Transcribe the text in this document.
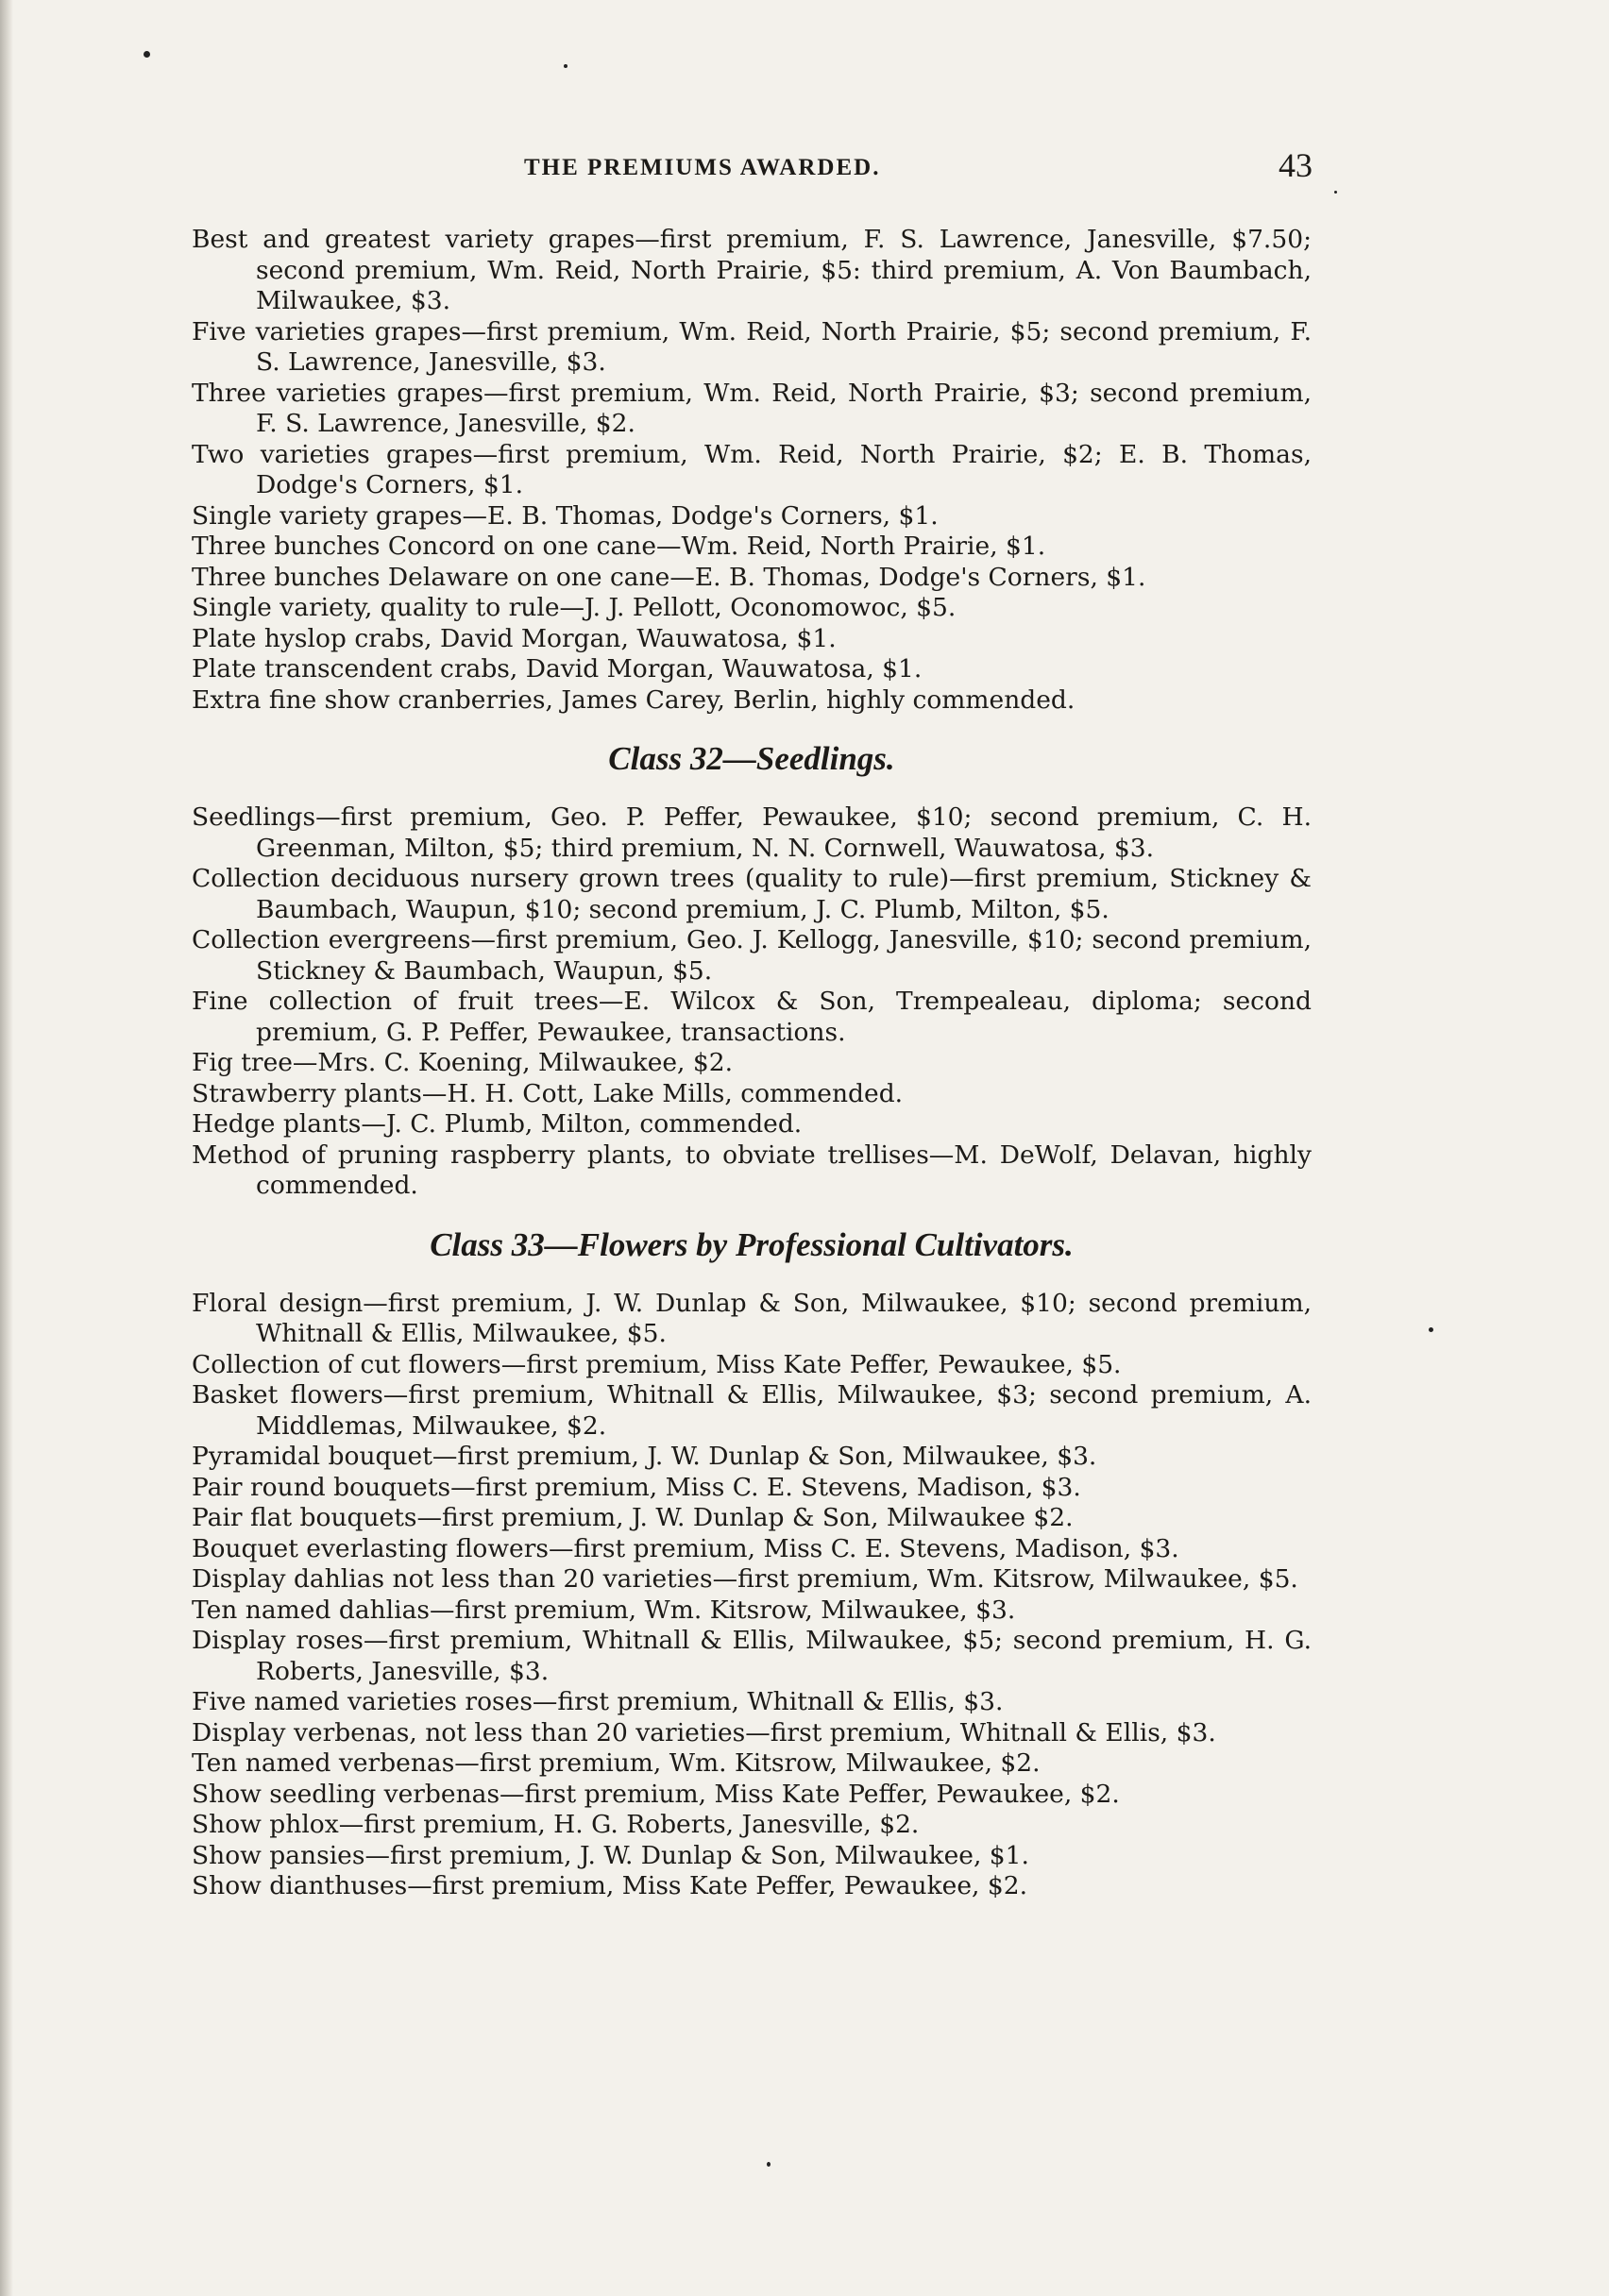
THE PREMIUMS AWARDED.	43

Best and greatest variety grapes—first premium, F. S. Lawrence, Janesville, $7.50; second premium, Wm. Reid, North Prairie, $5: third premium, A. Von Baumbach, Milwaukee, $3.

Five varieties grapes—first premium, Wm. Reid, North Prairie, $5; second premium, F. S. Lawrence, Janesville, $3.

Three varieties grapes—first premium, Wm. Reid, North Prairie, $3; second premium, F. S. Lawrence, Janesville, $2.

Two varieties grapes—first premium, Wm. Reid, North Prairie, $2; E. B. Thomas, Dodge's Corners, $1.

Single variety grapes—E. B. Thomas, Dodge's Corners, $1.

Three bunches Concord on one cane—Wm. Reid, North Prairie, $1.

Three bunches Delaware on one cane—E. B. Thomas, Dodge's Corners, $1.

Single variety, quality to rule—J. J. Pellott, Oconomowoc, $5.

Plate hyslop crabs, David Morgan, Wauwatosa, $1.

Plate transcendent crabs, David Morgan, Wauwatosa, $1.

Extra fine show cranberries, James Carey, Berlin, highly commended.

Class 32—Seedlings.

Seedlings—first premium, Geo. P. Peffer, Pewaukee, $10; second premium, C. H. Greenman, Milton, $5; third premium, N. N. Cornwell, Wauwatosa, $3.

Collection deciduous nursery grown trees (quality to rule)—first premium, Stickney & Baumbach, Waupun, $10; second premium, J. C. Plumb, Milton, $5.

Collection evergreens—first premium, Geo. J. Kellogg, Janesville, $10; second premium, Stickney & Baumbach, Waupun, $5.

Fine collection of fruit trees—E. Wilcox & Son, Trempealeau, diploma; second premium, G. P. Peffer, Pewaukee, transactions.

Fig tree—Mrs. C. Koening, Milwaukee, $2.

Strawberry plants—H. H. Cott, Lake Mills, commended.

Hedge plants—J. C. Plumb, Milton, commended.

Method of pruning raspberry plants, to obviate trellises—M. DeWolf, Delavan, highly commended.

Class 33—Flowers by Professional Cultivators.

Floral design—first premium, J. W. Dunlap & Son, Milwaukee, $10; second premium, Whitnall & Ellis, Milwaukee, $5.

Collection of cut flowers—first premium, Miss Kate Peffer, Pewaukee, $5.

Basket flowers—first premium, Whitnall & Ellis, Milwaukee, $3; second premium, A. Middlemas, Milwaukee, $2.

Pyramidal bouquet—first premium, J. W. Dunlap & Son, Milwaukee, $3.

Pair round bouquets—first premium, Miss C. E. Stevens, Madison, $3.

Pair flat bouquets—first premium, J. W. Dunlap & Son, Milwaukee $2.

Bouquet everlasting flowers—first premium, Miss C. E. Stevens, Madison, $3.

Display dahlias not less than 20 varieties—first premium, Wm. Kitsrow, Milwaukee, $5.

Ten named dahlias—first premium, Wm. Kitsrow, Milwaukee, $3.

Display roses—first premium, Whitnall & Ellis, Milwaukee, $5; second premium, H. G. Roberts, Janesville, $3.

Five named varieties roses—first premium, Whitnall & Ellis, $3.

Display verbenas, not less than 20 varieties—first premium, Whitnall & Ellis, $3.

Ten named verbenas—first premium, Wm. Kitsrow, Milwaukee, $2.

Show seedling verbenas—first premium, Miss Kate Peffer, Pewaukee, $2.

Show phlox—first premium, H. G. Roberts, Janesville, $2.

Show pansies—first premium, J. W. Dunlap & Son, Milwaukee, $1.

Show dianthuses—first premium, Miss Kate Peffer, Pewaukee, $2.
